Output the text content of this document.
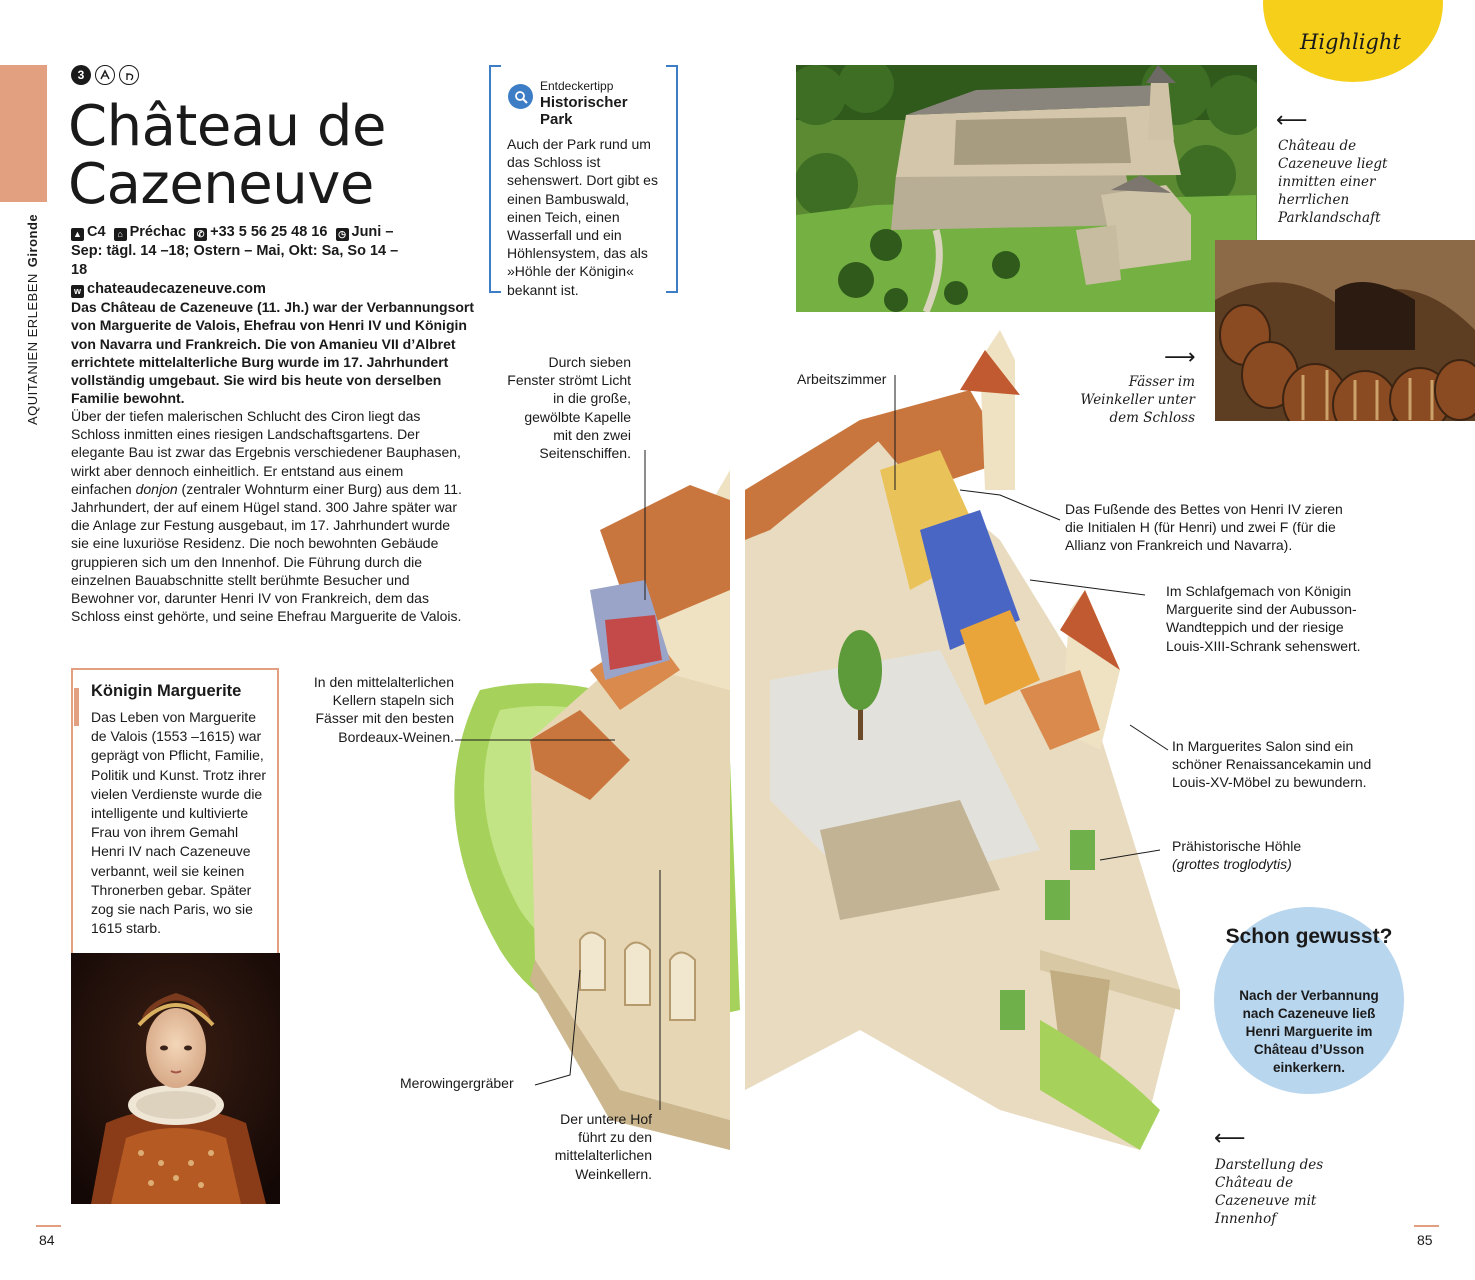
AQUITANIEN ERLEBENGironde
3
Château de
Cazeneuve
▲ C4 ⌂ Préchac ✆ +33 5 56 25 48 16 ◷ Juni – Sep: tägl. 14 –18; Ostern – Mai, Okt: Sa, So 14 –18
w chateaudecazeneuve.com
Das Château de Cazeneuve (11. Jh.) war der Verbannungsort von Marguerite de Valois, Ehefrau von Henri IV und Königin von Navarra und Frankreich. Die von Amanieu VII d’Albret errichtete mittelalterliche Burg wurde im 17. Jahrhundert vollständig umgebaut. Sie wird bis heute von derselben Familie bewohnt.
Über der tiefen malerischen Schlucht des Ciron liegt das Schloss inmitten eines riesigen Landschaftsgartens. Der elegante Bau ist zwar das Ergebnis verschiedener Bauphasen, wirkt aber dennoch einheitlich. Er entstand aus einem einfachen donjon (zentraler Wohnturm einer Burg) aus dem 11. Jahrhundert, der auf einem Hügel stand. 300 Jahre später war die Anlage zur Festung ausgebaut, im 17. Jahrhundert wurde sie eine luxuriöse Residenz. Die noch bewohnten Gebäude gruppieren sich um den Innenhof. Die Führung durch die einzelnen Bauabschnitte stellt berühmte Besucher und Bewohner vor, darunter Henri IV von Frankreich, dem das Schloss einst gehörte, und seine Ehefrau Marguerite de Valois.
Entdeckertipp
Historischer Park
Auch der Park rund um das Schloss ist sehenswert. Dort gibt es einen Bambuswald, einen Teich, einen Wasserfall und ein Höhlensystem, das als »Höhle der Königin« bekannt ist.
Königin Marguerite
Das Leben von Marguerite de Valois (1553 –1615) war geprägt von Pflicht, Familie, Politik und Kunst. Trotz ihrer vielen Verdienste wurde die intelligente und kultivierte Frau von ihrem Gemahl Henri IV nach Cazeneuve verbannt, weil sie keinen Thronerben gebar. Später zog sie nach Paris, wo sie 1615 starb.
Highlight
⟵
Château de Cazeneuve liegt inmitten einer herrlichen Parklandschaft
⟶
Fässer im Weinkeller unter dem Schloss
⟵
Darstellung des Château de Cazeneuve mit Innenhof
Durch sieben Fenster strömt Licht in die große, gewölbte Kapelle mit den zwei Seitenschiffen.
Arbeitszimmer
Das Fußende des Bettes von Henri IV zieren die Initialen H (für Henri) und zwei F (für die Allianz von Frankreich und Navarra).
Im Schlafgemach von Königin Marguerite sind der Aubusson-Wandteppich und der riesige Louis-XIII-Schrank sehenswert.
In den mittelalterlichen Kellern stapeln sich Fässer mit den besten Bordeaux-Weinen.
In Marguerites Salon sind ein schöner Renaissancekamin und Louis-XV-Möbel zu bewundern.
Prähistorische Höhle
(grottes troglodytis)
Merowingergräber
Der untere Hof führt zu den mittelalterlichen Weinkellern.
Schon gewusst?
Nach der Verbannung nach Cazeneuve ließ Henri Marguerite im Château d’Usson einkerkern.
84	85
